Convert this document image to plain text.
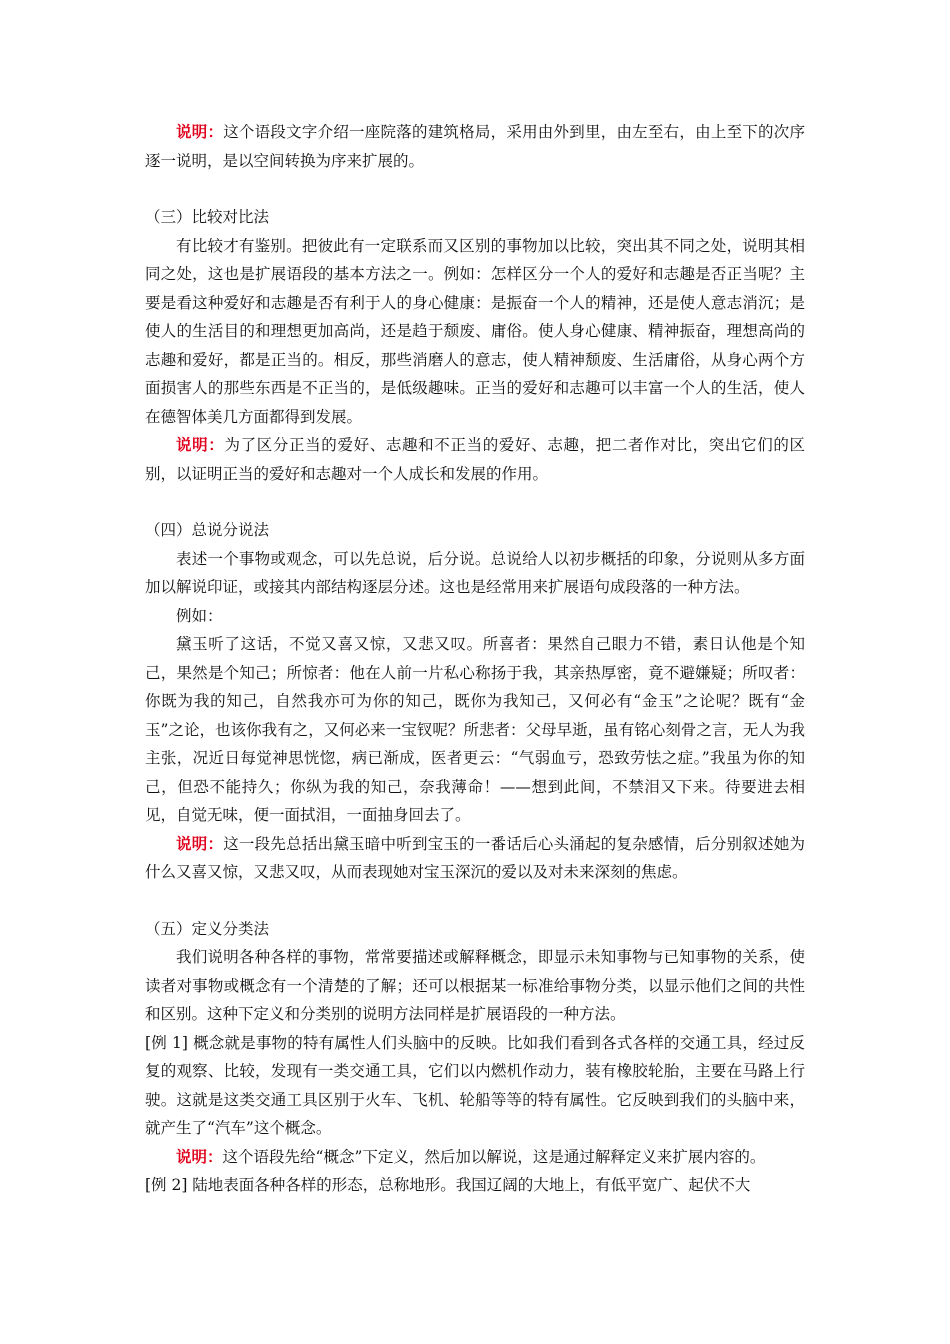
说明：这个语段文字介绍一座院落的建筑格局，采用由外到里，由左至右，由上至下的次序逐一说明，是以空间转换为序来扩展的。

（三）比较对比法

有比较才有鉴别。把彼此有一定联系而又区别的事物加以比较，突出其不同之处，说明其相同之处，这也是扩展语段的基本方法之一。例如：怎样区分一个人的爱好和志趣是否正当呢？主要是看这种爱好和志趣是否有利于人的身心健康：是振奋一个人的精神，还是使人意志消沉；是使人的生活目的和理想更加高尚，还是趋于颓废、庸俗。使人身心健康、精神振奋，理想高尚的志趣和爱好，都是正当的。相反，那些消磨人的意志，使人精神颓废、生活庸俗，从身心两个方面损害人的那些东西是不正当的，是低级趣味。正当的爱好和志趣可以丰富一个人的生活，使人在德智体美几方面都得到发展。

说明：为了区分正当的爱好、志趣和不正当的爱好、志趣，把二者作对比，突出它们的区别，以证明正当的爱好和志趣对一个人成长和发展的作用。

（四）总说分说法

表述一个事物或观念，可以先总说，后分说。总说给人以初步概括的印象，分说则从多方面加以解说印证，或接其内部结构逐层分述。这也是经常用来扩展语句成段落的一种方法。

例如：

黛玉听了这话，不觉又喜又惊，又悲又叹。所喜者：果然自己眼力不错，素日认他是个知己，果然是个知己；所惊者：他在人前一片私心称扬于我，其亲热厚密，竟不避嫌疑；所叹者：你既为我的知己，自然我亦可为你的知己，既你为我知己，又何必有“金玉”之论呢？既有“金玉”之论，也该你我有之，又何必来一宝钗呢？所悲者：父母早逝，虽有铭心刻骨之言，无人为我主张，况近日每觉神思恍惚，病已渐成，医者更云：“气弱血亏，恐致劳怯之症。”我虽为你的知己，但恐不能持久；你纵为我的知己，奈我薄命！——想到此间，不禁泪又下来。待要进去相见，自觉无味，便一面拭泪，一面抽身回去了。

说明：这一段先总括出黛玉暗中听到宝玉的一番话后心头涌起的复杂感情，后分别叙述她为什么又喜又惊，又悲又叹，从而表现她对宝玉深沉的爱以及对未来深刻的焦虑。

（五）定义分类法

我们说明各种各样的事物，常常要描述或解释概念，即显示未知事物与已知事物的关系，使读者对事物或概念有一个清楚的了解；还可以根据某一标准给事物分类，以显示他们之间的共性和区别。这种下定义和分类别的说明方法同样是扩展语段的一种方法。

[例 1] 概念就是事物的特有属性人们头脑中的反映。比如我们看到各式各样的交通工具，经过反复的观察、比较，发现有一类交通工具，它们以内燃机作动力，装有橡胶轮胎，主要在马路上行驶。这就是这类交通工具区别于火车、飞机、轮船等等的特有属性。它反映到我们的头脑中来，就产生了“汽车”这个概念。

说明：这个语段先给“概念”下定义，然后加以解说，这是通过解释定义来扩展内容的。

[例 2] 陆地表面各种各样的形态，总称地形。我国辽阔的大地上，有低平宽广、起伏不大
